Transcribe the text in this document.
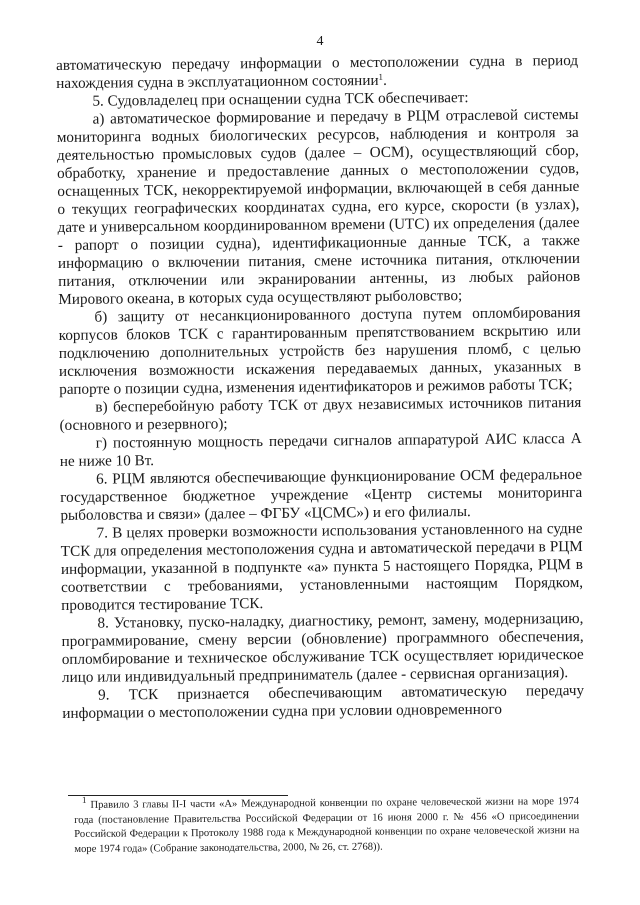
4

автоматическую передачу информации о местоположении судна в период нахождения судна в эксплуатационном состоянии$^1$.

5. Судовладелец при оснащении судна ТСК обеспечивает:

а) автоматическое формирование и передачу в РЦМ отраслевой системы мониторинга водных биологических ресурсов, наблюдения и контроля за деятельностью промысловых судов (далее – ОСМ), осуществляющий сбор, обработку, хранение и предоставление данных о местоположении судов, оснащенных ТСК, некорректируемой информации, включающей в себя данные о текущих географических координатах судна, его курсе, скорости (в узлах), дате и универсальном координированном времени (UTC) их определения (далее - рапорт о позиции судна), идентификационные данные ТСК, а также информацию о включении питания, смене источника питания, отключении питания, отключении или экранировании антенны, из любых районов Мирового океана, в которых суда осуществляют рыболовство;

б) защиту от несанкционированного доступа путем опломбирования корпусов блоков ТСК с гарантированным препятствованием вскрытию или подключению дополнительных устройств без нарушения пломб, с целью исключения возможности искажения передаваемых данных, указанных в рапорте о позиции судна, изменения идентификаторов и режимов работы ТСК;

в) бесперебойную работу ТСК от двух независимых источников питания (основного и резервного);

г) постоянную мощность передачи сигналов аппаратурой АИС класса А не ниже 10 Вт.

6. РЦМ являются обеспечивающие функционирование ОСМ федеральное государственное бюджетное учреждение «Центр системы мониторинга рыболовства и связи» (далее – ФГБУ «ЦСМС») и его филиалы.

7. В целях проверки возможности использования установленного на судне ТСК для определения местоположения судна и автоматической передачи в РЦМ информации, указанной в подпункте «а» пункта 5 настоящего Порядка, РЦМ в соответствии с требованиями, установленными настоящим Порядком, проводится тестирование ТСК.

8. Установку, пуско-наладку, диагностику, ремонт, замену, модернизацию, программирование, смену версии (обновление) программного обеспечения, опломбирование и техническое обслуживание ТСК осуществляет юридическое лицо или индивидуальный предприниматель (далее - сервисная организация).

9. ТСК признается обеспечивающим автоматическую передачу информации о местоположении судна при условии одновременного

$^1$ Правило 3 главы II-I части «А» Международной конвенции по охране человеческой жизни на море 1974 года (постановление Правительства Российской Федерации от 16 июня 2000 г. № 456 «О присоединении Российской Федерации к Протоколу 1988 года к Международной конвенции по охране человеческой жизни на море 1974 года» (Собрание законодательства, 2000, № 26, ст. 2768)).
